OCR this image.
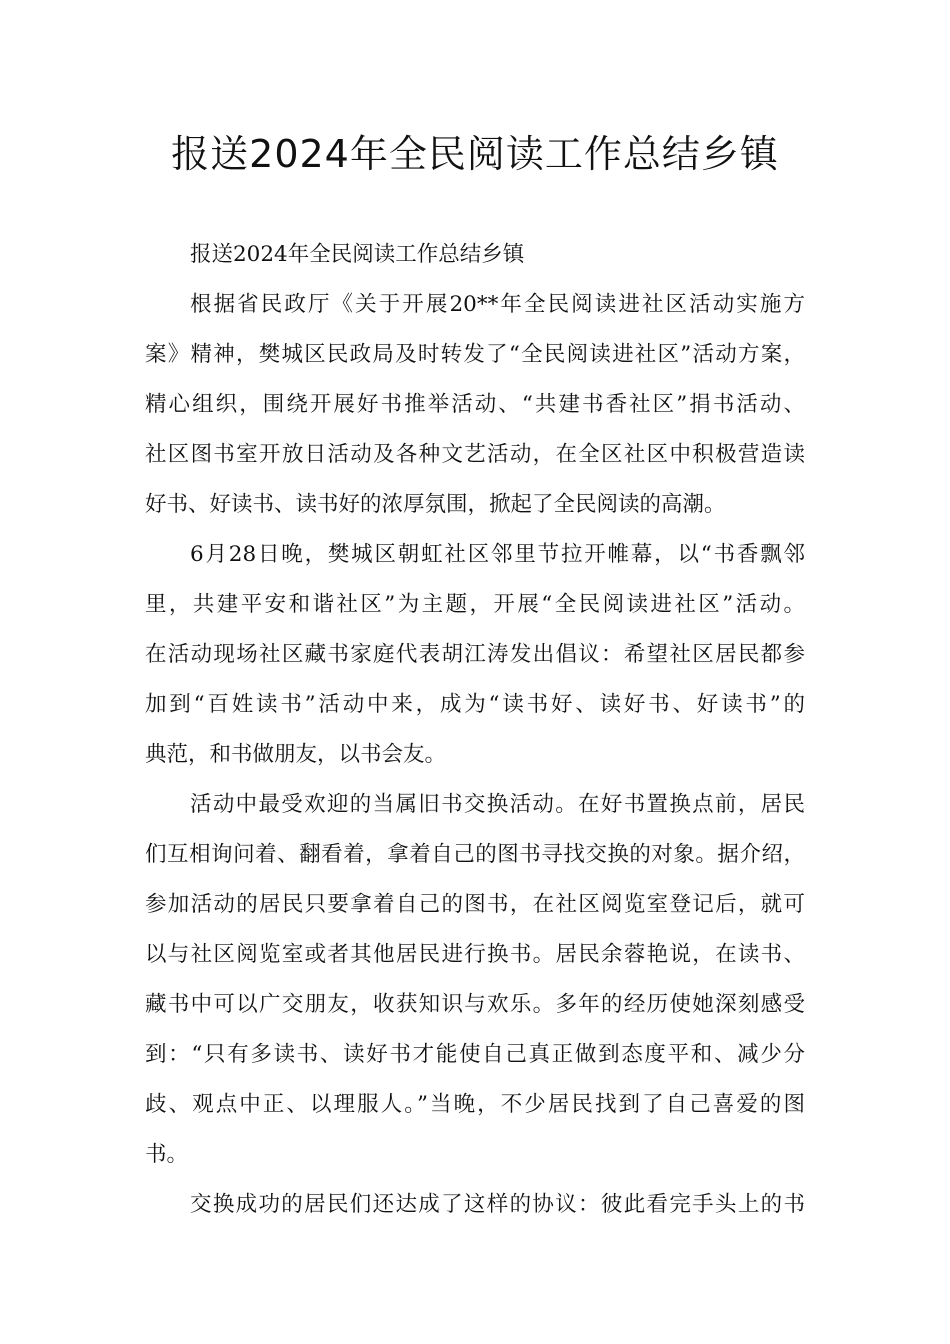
报送2024年全民阅读工作总结乡镇
报送2024年全民阅读工作总结乡镇
根据省民政厅《关于开展20**年全民阅读进社区活动实施方
案》精神，樊城区民政局及时转发了“全民阅读进社区”活动方案，
精心组织，围绕开展好书推举活动、“共建书香社区”捐书活动、
社区图书室开放日活动及各种文艺活动，在全区社区中积极营造读
好书、好读书、读书好的浓厚氛围，掀起了全民阅读的高潮。
6月28日晚，樊城区朝虹社区邻里节拉开帷幕，以“书香飘邻
里，共建平安和谐社区”为主题，开展“全民阅读进社区”活动。
在活动现场社区藏书家庭代表胡江涛发出倡议：希望社区居民都参
加到“百姓读书”活动中来，成为“读书好、读好书、好读书”的
典范，和书做朋友，以书会友。
活动中最受欢迎的当属旧书交换活动。在好书置换点前，居民
们互相询问着、翻看着，拿着自己的图书寻找交换的对象。据介绍，
参加活动的居民只要拿着自己的图书，在社区阅览室登记后，就可
以与社区阅览室或者其他居民进行换书。居民余蓉艳说，在读书、
藏书中可以广交朋友，收获知识与欢乐。多年的经历使她深刻感受
到：“只有多读书、读好书才能使自己真正做到态度平和、减少分
歧、观点中正、以理服人。”当晚，不少居民找到了自己喜爱的图
书。
交换成功的居民们还达成了这样的协议：彼此看完手头上的书
